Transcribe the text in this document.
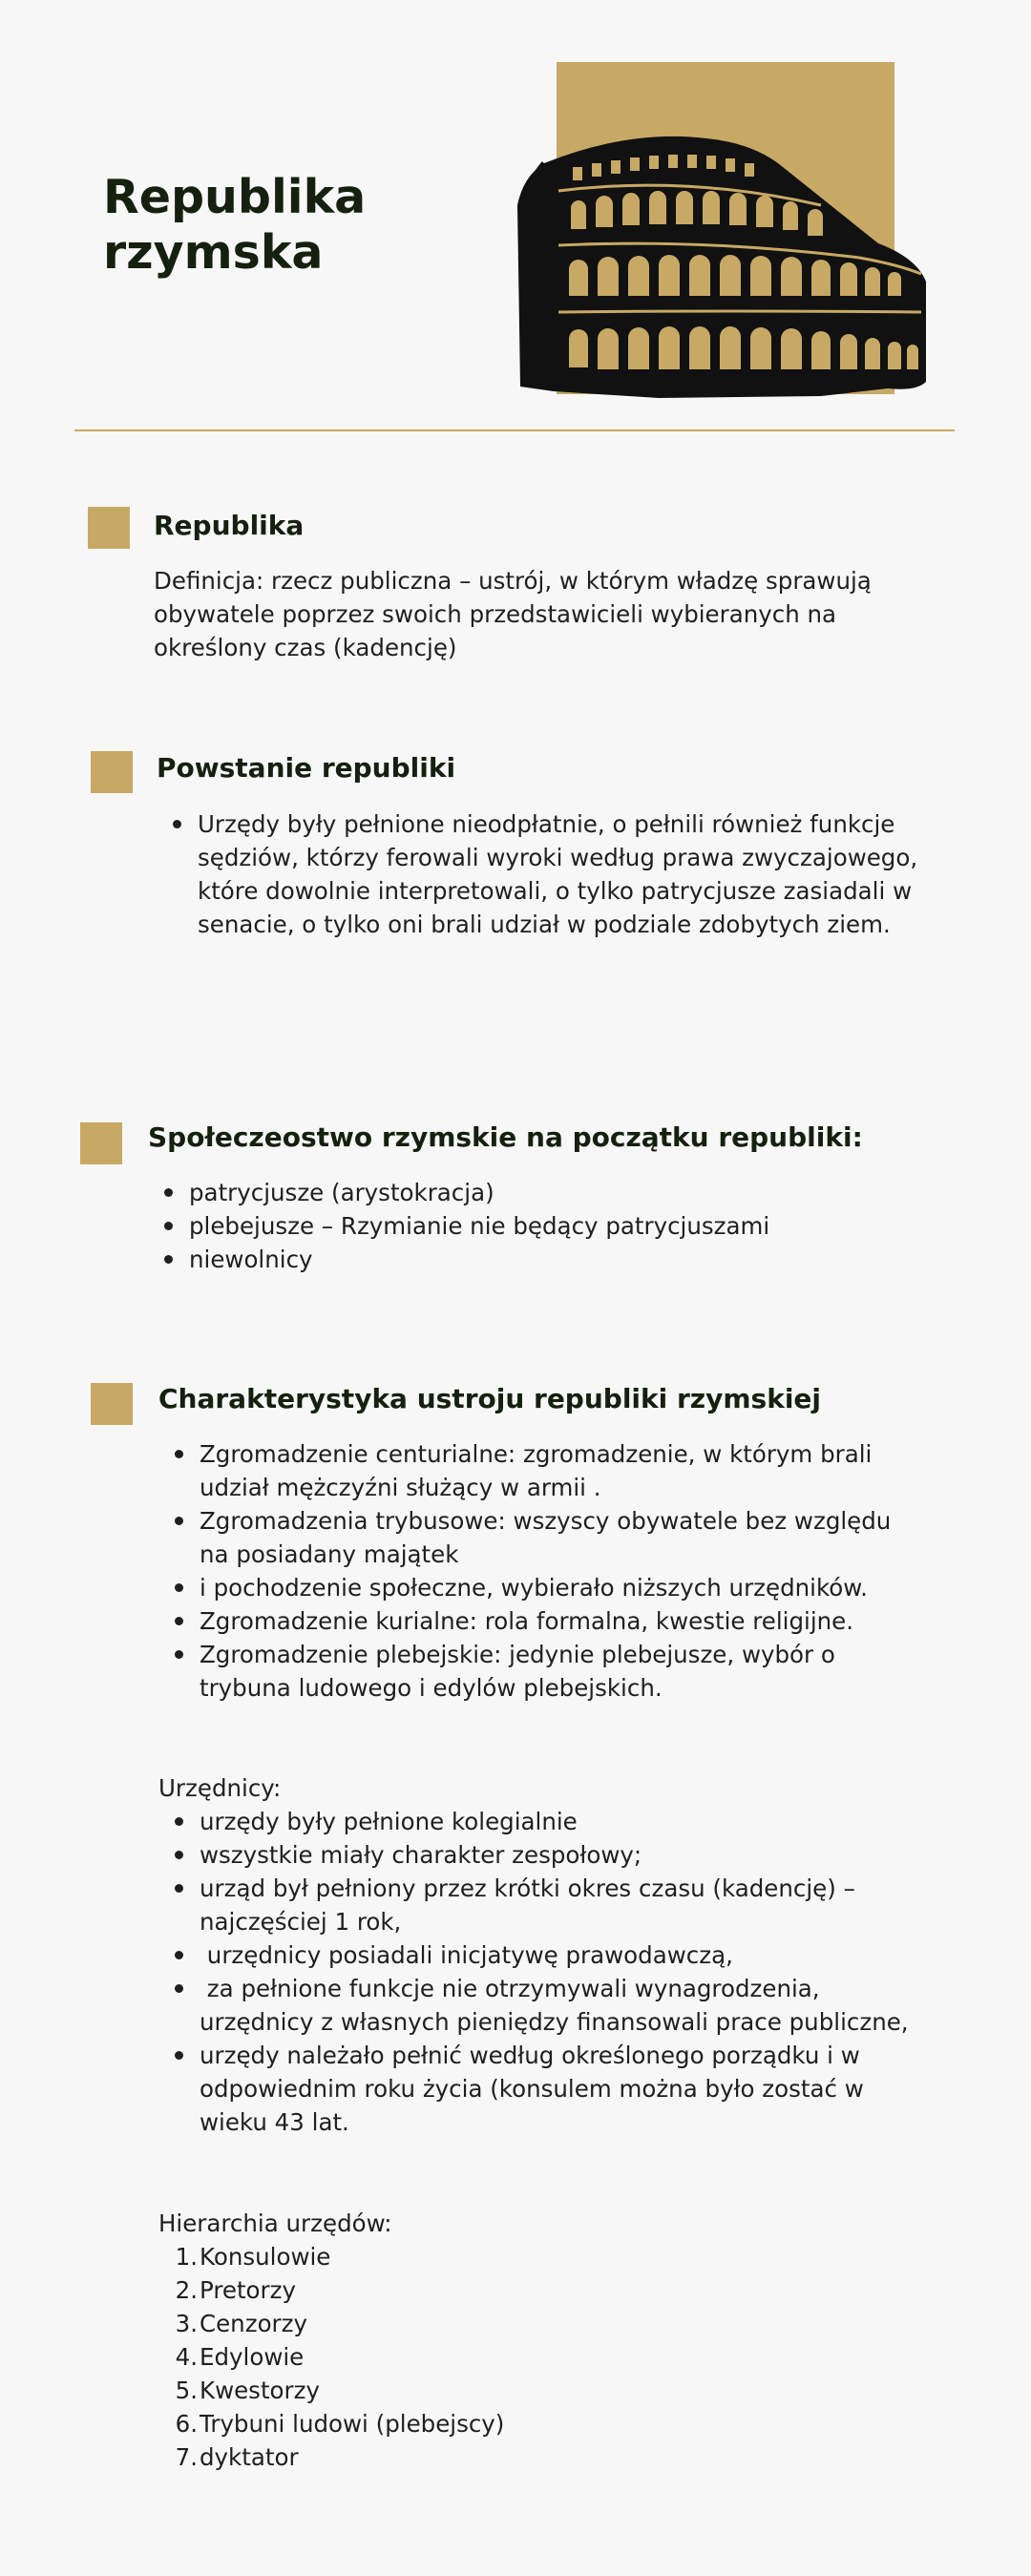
Republika
rzymska
Republika

Definicja: rzecz publiczna – ustrój, w którym władzę sprawują obywatele poprzez swoich przedstawicieli wybieranych na określony czas (kadencję)

Powstanie republiki
Urzędy były pełnione nieodpłatnie, o pełnili również funkcje sędziów, którzy ferowali wyroki według prawa zwyczajowego, które dowolnie interpretowali, o tylko patrycjusze zasiadali w senacie, o tylko oni brali udział w podziale zdobytych ziem.
Społeczeostwo rzymskie na początku republiki:
patrycjusze (arystokracja)
plebejusze – Rzymianie nie będący patrycjuszami
niewolnicy
Charakterystyka ustroju republiki rzymskiej
Zgromadzenie centurialne: zgromadzenie, w którym brali udział mężczyźni służący w armii .
Zgromadzenia trybusowe: wszyscy obywatele bez względu na posiadany majątek
i pochodzenie społeczne, wybierało niższych urzędników.
Zgromadzenie kurialne: rola formalna, kwestie religijne.
Zgromadzenie plebejskie: jedynie plebejusze, wybór o trybuna ludowego i edylów plebejskich.
Urzędnicy:
urzędy były pełnione kolegialnie
wszystkie miały charakter zespołowy;
urząd był pełniony przez krótki okres czasu (kadencję) – najczęściej 1 rok,
urzędnicy posiadali inicjatywę prawodawczą,
za pełnione funkcje nie otrzymywali wynagrodzenia, urzędnicy z własnych pieniędzy finansowali prace publiczne,
urzędy należało pełnić według określonego porządku i w odpowiednim roku życia (konsulem można było zostać w wieku 43 lat.
Hierarchia urzędów:
1. Konsulowie
2. Pretorzy
3. Cenzorzy
4. Edylowie
5. Kwestorzy
6. Trybuni ludowi (plebejscy)
7. dyktator
